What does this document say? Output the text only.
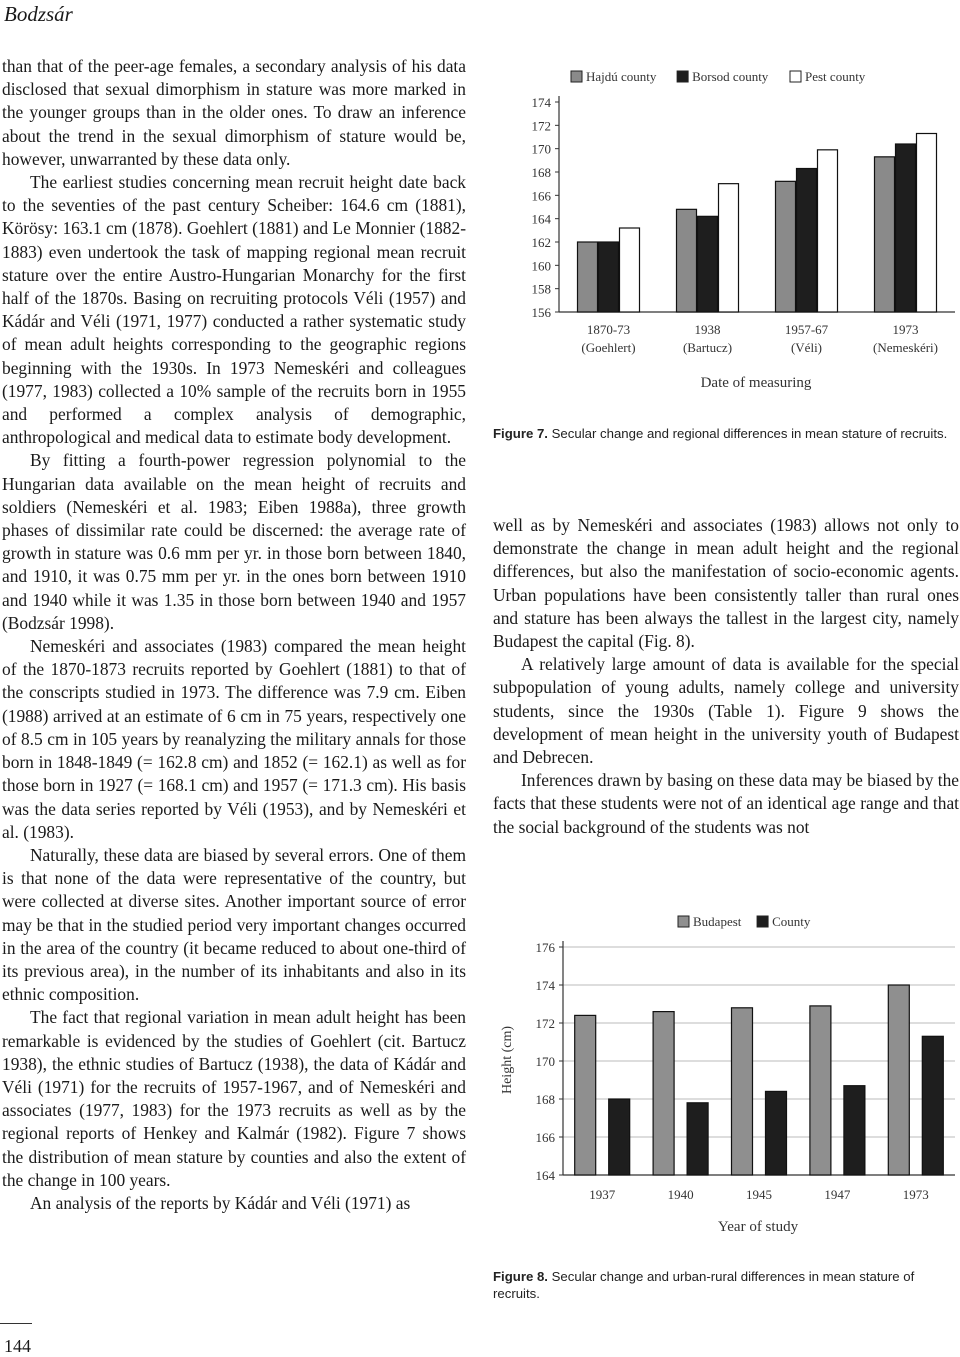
Bodzsár

than that of the peer-age females, a secondary analysis of his data disclosed that sexual dimorphism in stature was more marked in the younger groups than in the older ones. To draw an inference about the trend in the sexual dimorphism of stature would be, however, unwarranted by these data only.

The earliest studies concerning mean recruit height date back to the seventies of the past century Scheiber: 164.6 cm (1881), Körösy: 163.1 cm (1878). Goehlert (1881) and Le Monnier (1882-1883) even undertook the task of mapping regional mean recruit stature over the entire Austro-Hungarian Monarchy for the first half of the 1870s. Basing on recruiting protocols Véli (1957) and Kádár and Véli (1971, 1977) conducted a rather systematic study of mean adult heights corresponding to the geographic regions beginning with the 1930s. In 1973 Nemeskéri and colleagues (1977, 1983) collected a 10% sample of the recruits born in 1955 and performed a complex analysis of demographic, anthropological and medical data to estimate body development.

By fitting a fourth-power regression polynomial to the Hungarian data available on the mean height of recruits and soldiers (Nemeskéri et al. 1983; Eiben 1988a), three growth phases of dissimilar rate could be discerned: the average rate of growth in stature was 0.6 mm per yr. in those born between 1840, and 1910, it was 0.75 mm per yr. in the ones born between 1910 and 1940 while it was 1.35 in those born between 1940 and 1957 (Bodzsár 1998).

Nemeskéri and associates (1983) compared the mean height of the 1870-1873 recruits reported by Goehlert (1881) to that of the conscripts studied in 1973. The difference was 7.9 cm. Eiben (1988) arrived at an estimate of 6 cm in 75 years, respectively one of 8.5 cm in 105 years by reanalyzing the military annals for those born in 1848-1849 (= 162.8 cm) and 1852 (= 162.1) as well as for those born in 1927 (= 168.1 cm) and 1957 (= 171.3 cm). His basis was the data series reported by Véli (1953), and by Nemeskéri et al. (1983).

Naturally, these data are biased by several errors. One of them is that none of the data were representative of the country, but were collected at diverse sites. Another important source of error may be that in the studied period very important changes occurred in the area of the country (it became reduced to about one-third of its previous area), in the number of its inhabitants and also in its ethnic composition.

The fact that regional variation in mean adult height has been remarkable is evidenced by the studies of Goehlert (cit. Bartucz 1938), the ethnic studies of Bartucz (1938), the data of Kádár and Véli (1971) for the recruits of 1957-1967, and of Nemeskéri and associates (1977, 1983) for the 1973 recruits as well as by the regional reports of Henkey and Kalmár (1982). Figure 7 shows the distribution of mean stature by counties and also the extent of the change in 100 years.

An analysis of the reports by Kádár and Véli (1971) as

Hajdú county	Borsod county	Pest county
156
158
160
162
164
166
168
170
172
174
1870-73
(Goehlert)
1938
(Bartucz)
1957-67
(Véli)
1973
(Nemeskéri)
Date of measuring
Figure 7. Secular change and regional differences in mean stature of recruits.

well as by Nemeskéri and associates (1983) allows not only to demonstrate the change in mean adult height and the regional differences, but also the manifestation of socio-economic agents. Urban populations have been consistently taller than rural ones and stature has been always the tallest in the largest city, namely Budapest the capital (Fig. 8).

A relatively large amount of data is available for the special subpopulation of young adults, namely college and university students, since the 1930s (Table 1). Figure 9 shows the development of mean height in the university youth of Budapest and Debrecen.

Inferences drawn by basing on these data may be biased by the facts that these students were not of an identical age range and that the social background of the students was not

Budapest County
164
166
168
170
172
174
176
1937	1940	1945	1947	1973
Height (cm)
Year of study
Figure 8. Secular change and urban-rural differences in mean stature of recruits.
144
